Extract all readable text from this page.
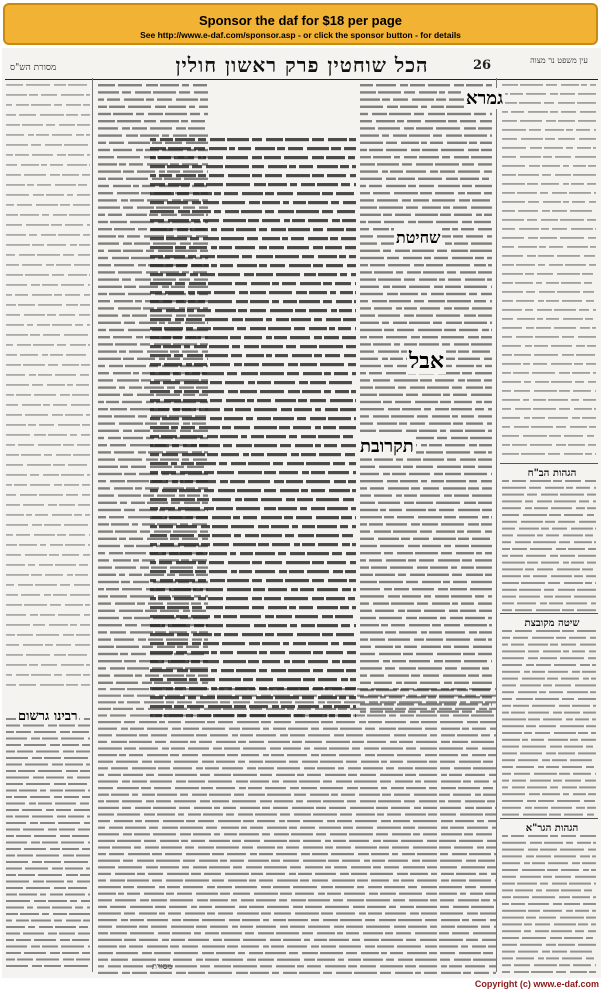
Sponsor the daf for $18 per page
See http://www.e-daf.com/sponsor.asp - or click the sponsor button - for details
מסורת הש"ס	הכל שוחטין פרק ראשון חולין	26	עין משפט נר מצוה
גמרא
שחיטת
אבל
תקרובת
רבינו גרשום
הגהות הב"ח
שיטה מקובצת
הגהות הגר"א
מסורת
Copyright (c) www.e-daf.com
